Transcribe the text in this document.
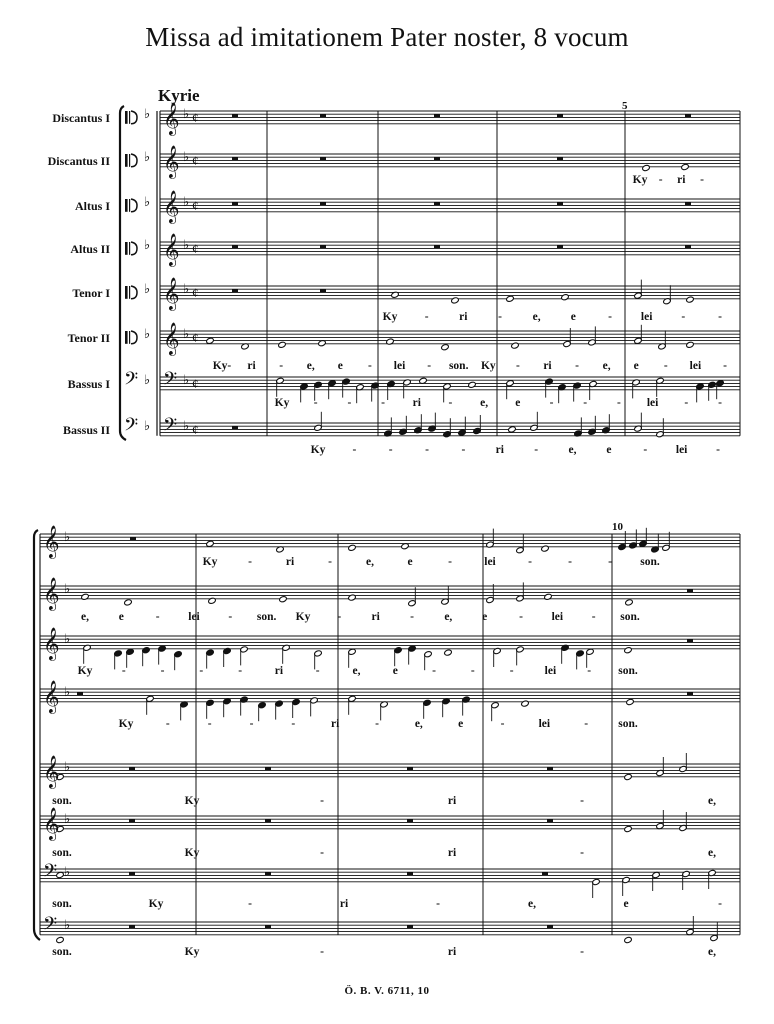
Missa ad imitationem Pater noster, 8 vocum
Discantus I
Discantus II
Altus I
Altus II
Tenor I
Tenor II
Bassus I
Bassus II
Kyrie
5
10
♭ 𝄞 ♭ ¢
♭ 𝄞 ♭ ¢
♭ 𝄞 ♭ ¢
♭ 𝄞 ♭ ¢
♭ 𝄞 ♭ ¢
♭ 𝄞 ♭ ¢
𝄢 ♭ 𝄢 ♭ ¢
𝄢 ♭ 𝄢 ♭ ¢
𝄞 ♭
𝄞 ♭
𝄞 ♭
𝄞 ♭
𝄞 ♭
𝄞 ♭
𝄢 ♭
𝄢 ♭
Ky - ri -
Ky -	ri	-	e,	e	-	lei	-	-
Ky- ri - e, e - lei - son. Ky - ri - e, e - lei -
Ky -	-	- ri - e, e	-	-	- lei -	-
Ky -	-	-	-	ri	-	e,	e	- lei -
Ky	-	ri	-	e,	e	-	lei	-	-	- son.
e,	e	- lei - son. Ky -	ri	-	e,	e	- lei - son.
Ky	-	-	-	-	ri	-	e,	e	-	-	-	lei	- son.
Ky	-	-	-	-	ri	-	e,	e	-	lei	-	son.
son.	Ky	-	ri	-	e,
son.	Ky	-	ri	-	e,
son.	Ky	-	ri	-	e,	e	-
son.	Ky	-	ri	-	e,
Ö. B. V. 6711, 10
